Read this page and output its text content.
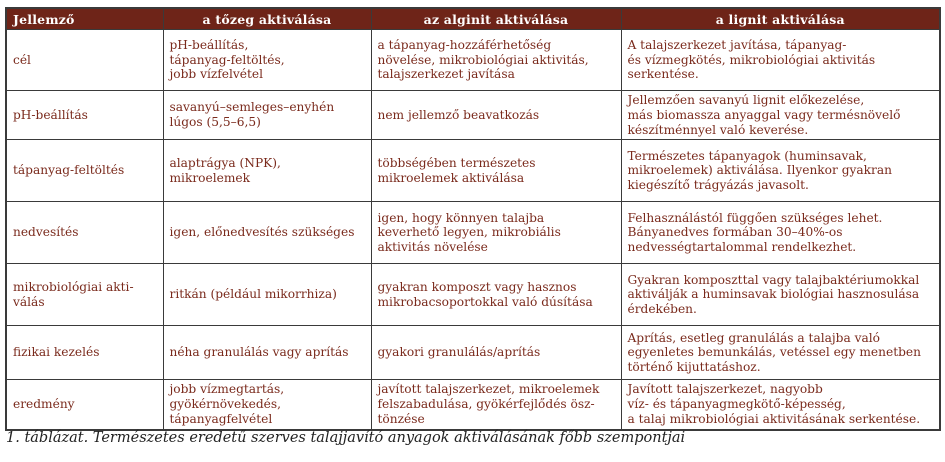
Jellemző	a tőzeg aktiválása	az alginit aktiválása	a lignit aktiválása

cél	pH-beállítás,
tápanyag-feltöltés,
jobb vízfelvétel	a tápanyag-hozzáférhetőség
növelése, mikrobiológiai aktivitás,
talajszerkezet javítása	A talajszerkezet javítása, tápanyag-
és vízmegkötés, mikrobiológiai aktivitás
serkentése.

pH-beállítás	savanyú–semleges–enyhén
lúgos (5,5–6,5)	nem jellemző beavatkozás	Jellemzően savanyú lignit előkezelése,
más biomassza anyaggal vagy termésnövelő
készítménnyel való keverése.

tápanyag-feltöltés	alaptrágya (NPK),
mikroelemek	többségében természetes
mikroelemek aktiválása	Természetes tápanyagok (huminsavak,
mikroelemek) aktiválása. Ilyenkor gyakran
kiegészítő trágyázás javasolt.

nedvesítés	igen, előnedvesítés szükséges	igen, hogy könnyen talajba
keverhető legyen, mikrobiális
aktivitás növelése	Felhasználástól függően szükséges lehet.
Bányanedves formában 30–40%-os
nedvességtartalommal rendelkezhet.

mikrobiológiai akti-
válás	ritkán (például mikorrhiza)	gyakran komposzt vagy hasznos
mikrobacsoportokkal való dúsítása	Gyakran komposzttal vagy talajbaktériumokkal
aktiválják a huminsavak biológiai hasznosulása
érdekében.

fizikai kezelés	néha granulálás vagy aprítás	gyakori granulálás/aprítás	Aprítás, esetleg granulálás a talajba való
egyenletes bemunkálás, vetéssel egy menetben
történő kijuttatáshoz.

eredmény	jobb vízmegtartás,
gyökérnövekedés,
tápanyagfelvétel	javított talajszerkezet, mikroelemek
felszabadulása, gyökérfejlődés ösz-
tönzése	Javított talajszerkezet, nagyobb
víz- és tápanyagmegkötő-képesség,
a talaj mikrobiológiai aktivitásának serkentése.
1. táblázat. Természetes eredetű szerves talajjavító anyagok aktiválásának főbb szempontjai
